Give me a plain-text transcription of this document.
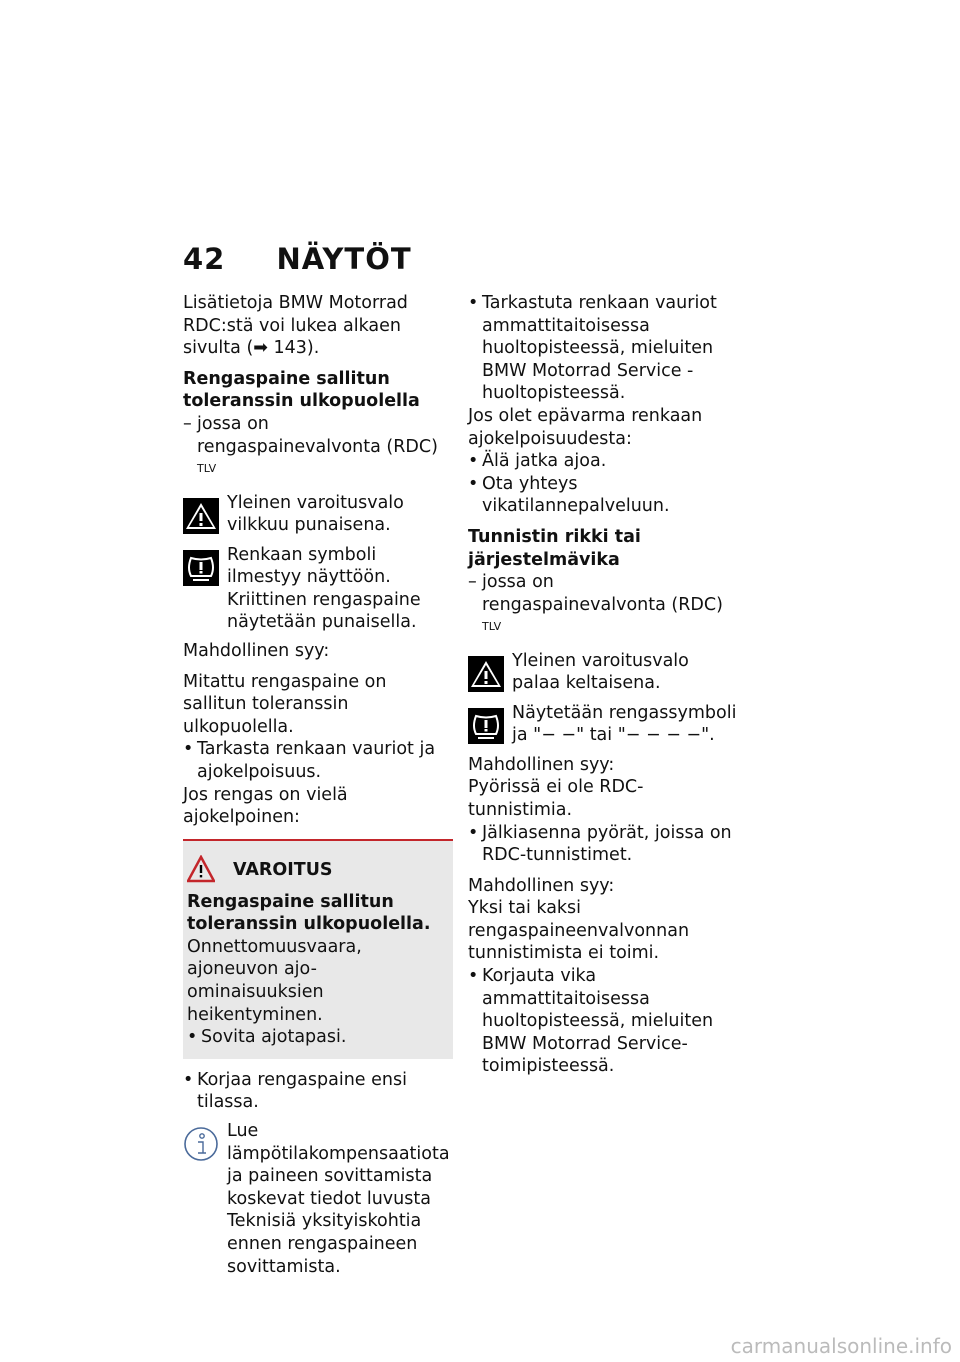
42 NÄYTÖT

Lisätietoja BMW Motorrad RDC:stä voi lukea alkaen sivulta (➡ 143).

Rengaspaine sallitun toleranssin ulkopuolella

– jossa on rengaspainevalvonta (RDC) $^{TLV}$

Yleinen varoitusvalo vilkkuu punaisena.
Renkaan symboli ilmestyy näyttöön. Kriittinen rengaspaine näytetään punaisella.

Mahdollinen syy:

Mitattu rengaspaine on sallitun toleranssin ulkopuolella.

• Tarkasta renkaan vauriot ja ajokelpoisuus.

Jos rengas on vielä ajokelpoinen:

VAROITUS

Rengaspaine sallitun toleranssin ulkopuolella.

Onnettomuusvaara, ajoneuvon ajo-ominaisuuksien heikentyminen.

• Sovita ajotapasi.

• Korjaa rengaspaine ensi tilassa.

Lue lämpötilakompensaatiota ja paineen sovittamista koskevat tiedot luvusta Teknisiä yksityiskohtia ennen rengaspaineen sovittamista.

• Tarkastuta renkaan vauriot ammattitaitoisessa huoltopisteessä, mieluiten BMW Motorrad Service -huoltopisteessä.

Jos olet epävarma renkaan ajokelpoisuudesta:

• Älä jatka ajoa.

• Ota yhteys vikatilannepalveluun.

Tunnistin rikki tai järjestelmävika

– jossa on rengaspainevalvonta (RDC) $^{TLV}$

Yleinen varoitusvalo palaa keltaisena.
Näytetään rengassymboli ja "− −" tai "− − − −".

Mahdollinen syy:

Pyörissä ei ole RDC-tunnistimia.

• Jälkiasenna pyörät, joissa on RDC-tunnistimet.

Mahdollinen syy:

Yksi tai kaksi rengaspaineenvalvonnan tunnistimista ei toimi.

• Korjauta vika ammattitaitoisessa huoltopisteessä, mieluiten BMW Motorrad Service-toimipisteessä.

carmanualsonline.info
